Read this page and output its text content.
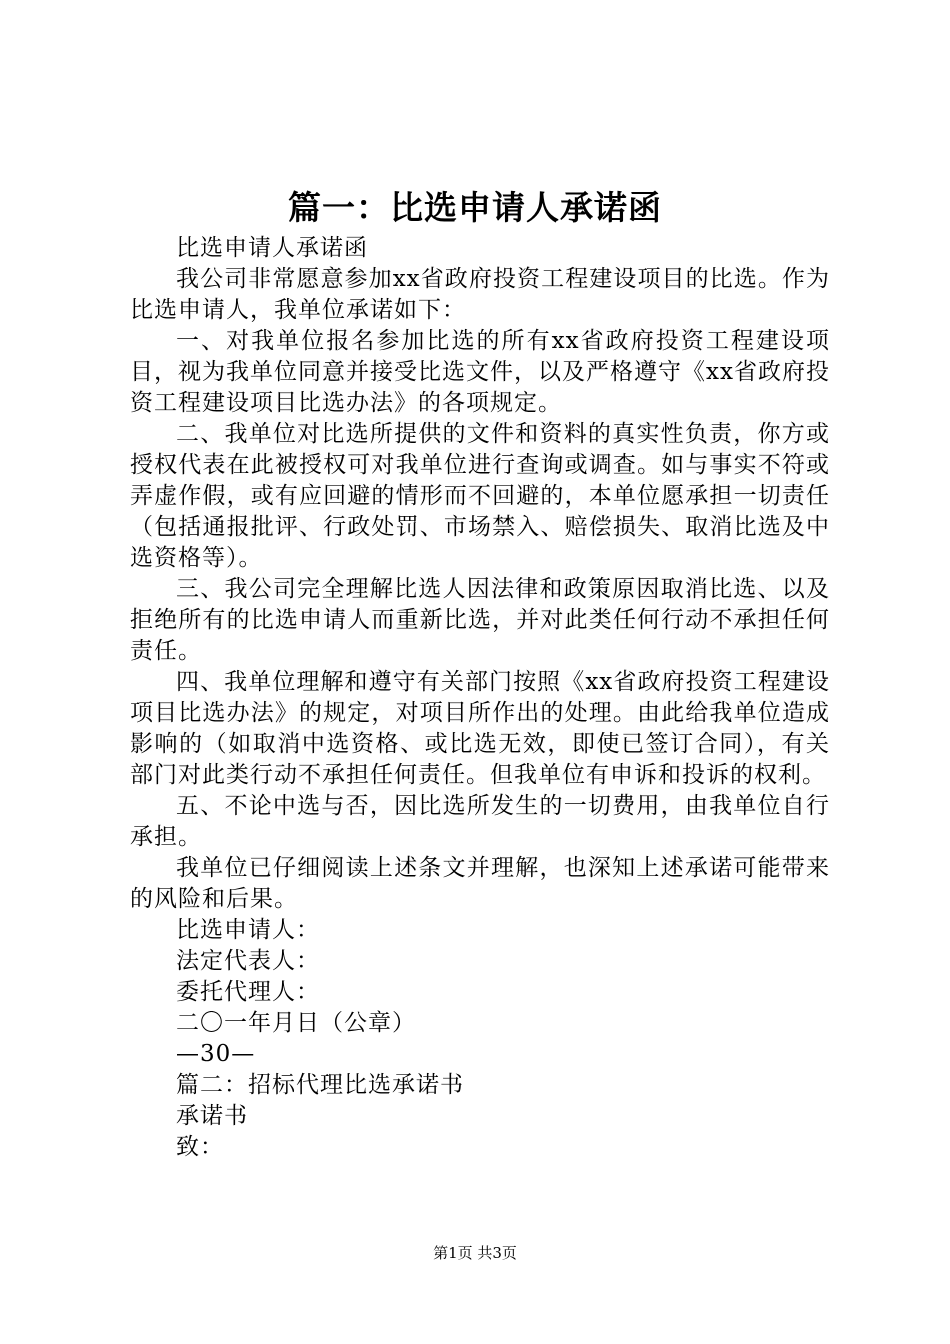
篇一：比选申请人承诺函

比选申请人承诺函

我公司非常愿意参加xx省政府投资工程建设项目的比选。作为比选申请人，我单位承诺如下：

一、对我单位报名参加比选的所有xx省政府投资工程建设项目，视为我单位同意并接受比选文件，以及严格遵守《xx省政府投资工程建设项目比选办法》的各项规定。

二、我单位对比选所提供的文件和资料的真实性负责，你方或授权代表在此被授权可对我单位进行查询或调查。如与事实不符或弄虚作假，或有应回避的情形而不回避的，本单位愿承担一切责任（包括通报批评、行政处罚、市场禁入、赔偿损失、取消比选及中选资格等）。

三、我公司完全理解比选人因法律和政策原因取消比选、以及拒绝所有的比选申请人而重新比选，并对此类任何行动不承担任何责任。

四、我单位理解和遵守有关部门按照《xx省政府投资工程建设项目比选办法》的规定，对项目所作出的处理。由此给我单位造成影响的（如取消中选资格、或比选无效，即使已签订合同），有关部门对此类行动不承担任何责任。但我单位有申诉和投诉的权利。

五、不论中选与否，因比选所发生的一切费用，由我单位自行承担。

我单位已仔细阅读上述条文并理解，也深知上述承诺可能带来的风险和后果。

比选申请人：

法定代表人：

委托代理人：

二〇一年月日（公章）

—30—

篇二：招标代理比选承诺书

承诺书

致：

第1页 共3页
